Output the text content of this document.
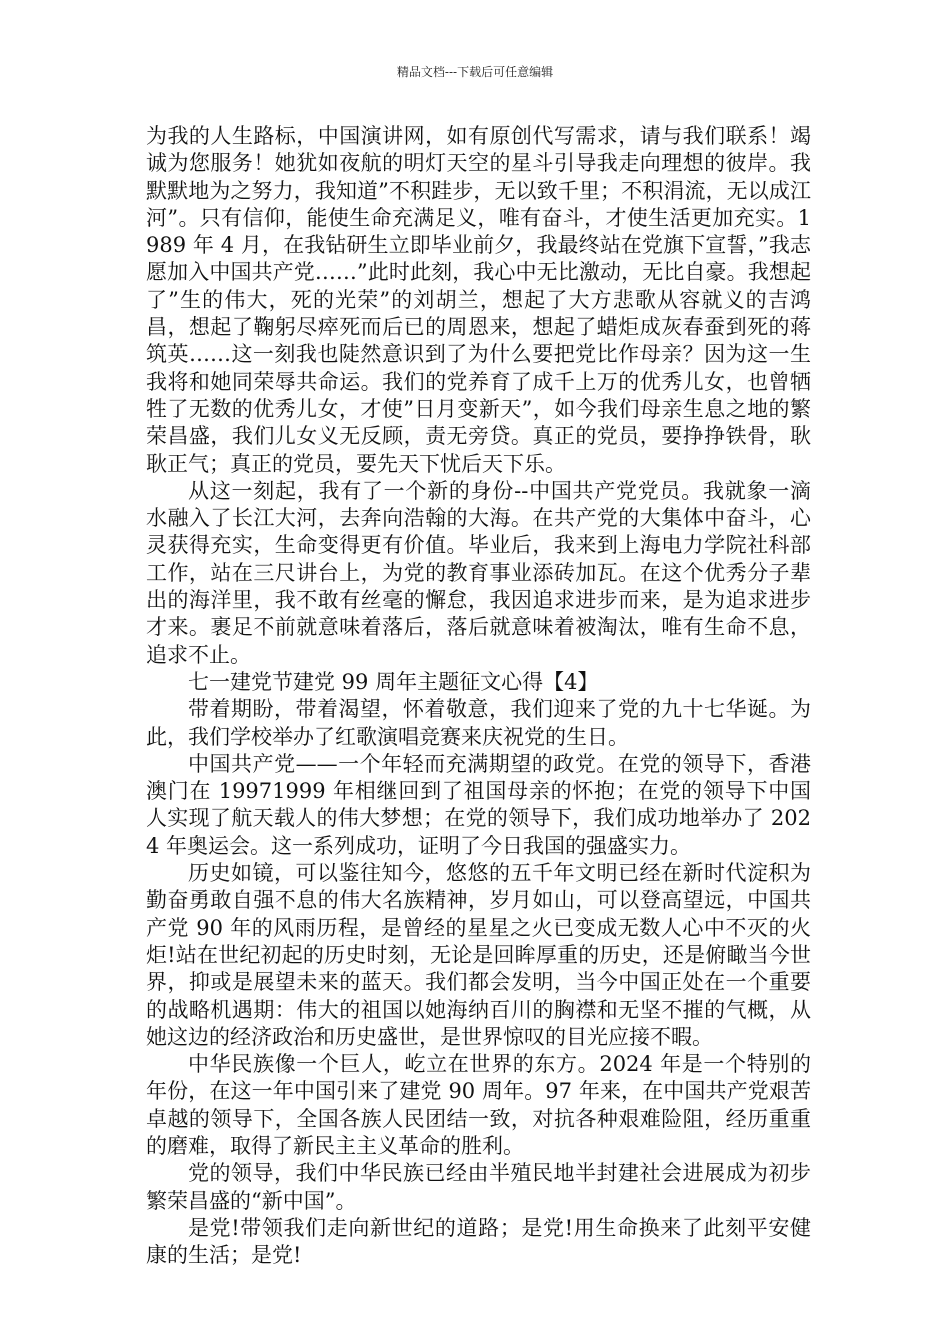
精品文档---下载后可任意编辑

为我的人生路标，中国演讲网，如有原创代写需求，请与我们联系！竭诚为您服务！她犹如夜航的明灯天空的星斗引导我走向理想的彼岸。我默默地为之努力，我知道”不积跬步，无以致千里；不积涓流，无以成江河”。只有信仰，能使生命充满足义，唯有奋斗，才使生活更加充实。1989 年 4 月，在我钻研生立即毕业前夕，我最终站在党旗下宣誓，”我志愿加入中国共产党……”此时此刻，我心中无比激动，无比自豪。我想起了”生的伟大，死的光荣”的刘胡兰，想起了大方悲歌从容就义的吉鸿昌，想起了鞠躬尽瘁死而后已的周恩来，想起了蜡炬成灰春蚕到死的蒋筑英……这一刻我也陡然意识到了为什么要把党比作母亲？因为这一生我将和她同荣辱共命运。我们的党养育了成千上万的优秀儿女，也曾牺牲了无数的优秀儿女，才使”日月变新天”，如今我们母亲生息之地的繁荣昌盛，我们儿女义无反顾，责无旁贷。真正的党员，要挣挣铁骨，耿耿正气；真正的党员，要先天下忧后天下乐。

从这一刻起，我有了一个新的身份--中国共产党党员。我就象一滴水融入了长江大河，去奔向浩翰的大海。在共产党的大集体中奋斗，心灵获得充实，生命变得更有价值。毕业后，我来到上海电力学院社科部工作，站在三尺讲台上，为党的教育事业添砖加瓦。在这个优秀分子辈出的海洋里，我不敢有丝毫的懈怠，我因追求进步而来，是为追求进步才来。裹足不前就意味着落后，落后就意味着被淘汰，唯有生命不息，追求不止。

七一建党节建党 99 周年主题征文心得【4】

带着期盼，带着渴望，怀着敬意，我们迎来了党的九十七华诞。为此，我们学校举办了红歌演唱竞赛来庆祝党的生日。

中国共产党——一个年轻而充满期望的政党。在党的领导下，香港澳门在 19971999 年相继回到了祖国母亲的怀抱；在党的领导下中国人实现了航天载人的伟大梦想；在党的领导下，我们成功地举办了 2024 年奥运会。这一系列成功，证明了今日我国的强盛实力。

历史如镜，可以鉴往知今，悠悠的五千年文明已经在新时代淀积为勤奋勇敢自强不息的伟大名族精神，岁月如山，可以登高望远，中国共产党 90 年的风雨历程，是曾经的星星之火已变成无数人心中不灭的火炬!站在世纪初起的历史时刻，无论是回眸厚重的历史，还是俯瞰当今世界，抑或是展望未来的蓝天。我们都会发明，当今中国正处在一个重要的战略机遇期：伟大的祖国以她海纳百川的胸襟和无坚不摧的气概，从她这边的经济政治和历史盛世，是世界惊叹的目光应接不暇。

中华民族像一个巨人，屹立在世界的东方。2024 年是一个特别的年份，在这一年中国引来了建党 90 周年。97 年来，在中国共产党艰苦卓越的领导下，全国各族人民团结一致，对抗各种艰难险阻，经历重重的磨难，取得了新民主主义革命的胜利。

党的领导，我们中华民族已经由半殖民地半封建社会进展成为初步繁荣昌盛的“新中国”。

是党!带领我们走向新世纪的道路；是党!用生命换来了此刻平安健康的生活；是党!
